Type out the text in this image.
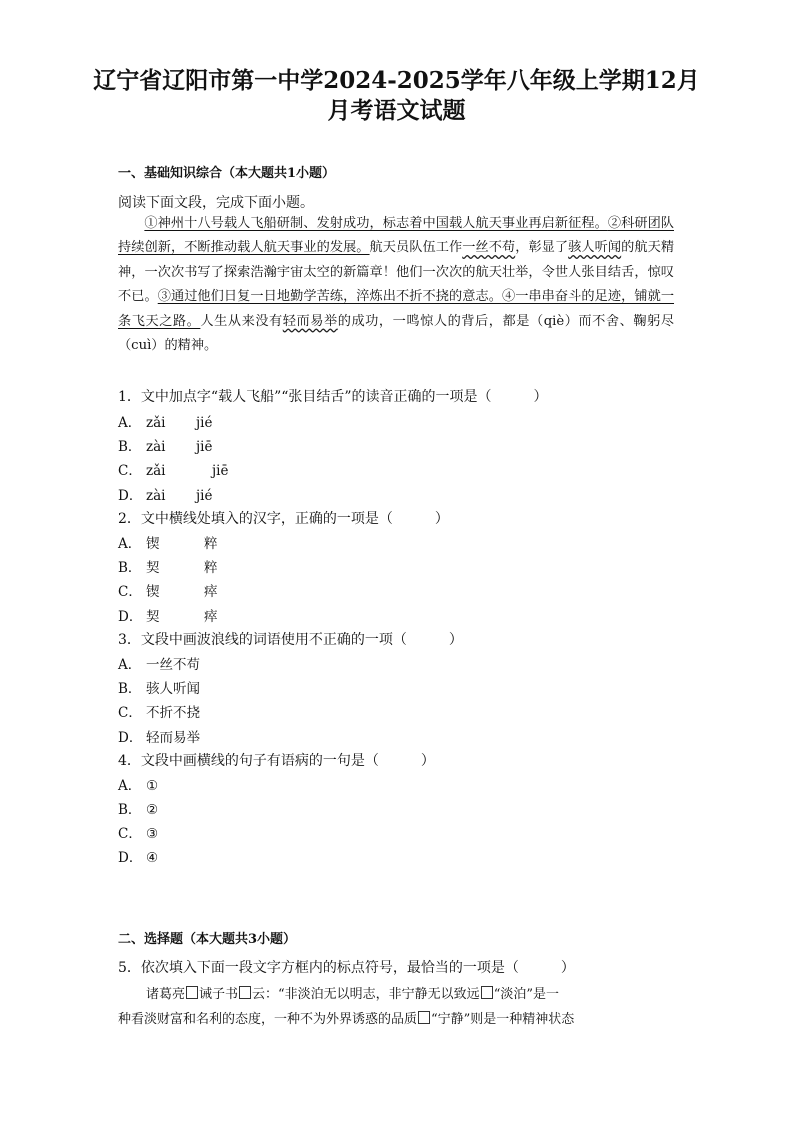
辽宁省辽阳市第一中学2024-2025学年八年级上学期12月
月考语文试题
一、基础知识综合（本大题共1小题）
阅读下面文段，完成下面小题。
①神州十八号载人飞船研制、发射成功，标志着中国载人航天事业再启新征程。②科研团队持续创新，不断推动载人航天事业的发展。航天员队伍工作一丝不苟，彰显了骇人听闻的航天精神，一次次书写了探索浩瀚宇宙太空的新篇章！他们一次次的航天壮举，令世人张目结舌，惊叹不已。③通过他们日复一日地勤学苦练，淬炼出不折不挠的意志。④一串串奋斗的足迹，铺就一条飞天之路。人生从来没有轻而易举的成功，一鸣惊人的背后，都是（qiè）而不舍、鞠躬尽（cuì）的精神。
1．文中加点字“载人飞船”“张目结舌”的读音正确的一项是（　　　）
A． zǎi jié
B． zài jiē
C． zǎi	jiē
D． zài jié
2．文中横线处填入的汉字，正确的一项是（　　　）
A． 锲	粹
B． 契	粹
C． 锲	瘁
D． 契	瘁
3．文段中画波浪线的词语使用不正确的一项（　　　）
A． 一丝不苟
B． 骇人听闻
C． 不折不挠
D． 轻而易举
4．文段中画横线的句子有语病的一句是（　　　）
A． ①
B． ②
C． ③
D． ④
二、选择题（本大题共3小题）
5．依次填入下面一段文字方框内的标点符号，最恰当的一项是（　　　）
诸葛亮 诫子书 云：“非淡泊无以明志，非宁静无以致远 “淡泊”是一
种看淡财富和名利的态度，一种不为外界诱惑的品质 “宁静”则是一种精神状态
